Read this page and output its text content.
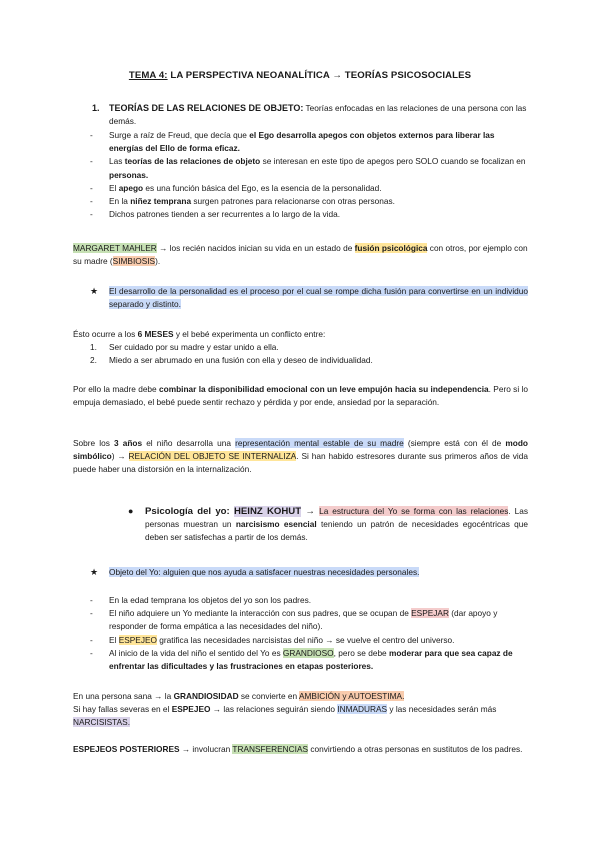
TEMA 4: LA PERSPECTIVA NEOANALÍTICA → TEORÍAS PSICOSOCIALES
1. TEORÍAS DE LAS RELACIONES DE OBJETO: Teorías enfocadas en las relaciones de una persona con las demás.
- Surge a raíz de Freud, que decía que el Ego desarrolla apegos con objetos externos para liberar las energías del Ello de forma eficaz.
- Las teorías de las relaciones de objeto se interesan en este tipo de apegos pero SOLO cuando se focalizan en personas.
- El apego es una función básica del Ego, es la esencia de la personalidad.
- En la niñez temprana surgen patrones para relacionarse con otras personas.
- Dichos patrones tienden a ser recurrentes a lo largo de la vida.
MARGARET MAHLER → los recién nacidos inician su vida en un estado de fusión psicológica con otros, por ejemplo con su madre (SIMBIOSIS).
★ El desarrollo de la personalidad es el proceso por el cual se rompe dicha fusión para convertirse en un individuo separado y distinto.
Ésto ocurre a los 6 MESES y el bebé experimenta un conflicto entre:
1. Ser cuidado por su madre y estar unido a ella.
2. Miedo a ser abrumado en una fusión con ella y deseo de individualidad.
Por ello la madre debe combinar la disponibilidad emocional con un leve empujón hacia su independencia. Pero si lo empuja demasiado, el bebé puede sentir rechazo y pérdida y por ende, ansiedad por la separación.
Sobre los 3 años el niño desarrolla una representación mental estable de su madre (siempre está con él de modo simbólico) → RELACIÓN DEL OBJETO SE INTERNALIZA. Si han habido estresores durante sus primeros años de vida puede haber una distorsión en la internalización.
● Psicología del yo: HEINZ KOHUT → La estructura del Yo se forma con las relaciones. Las personas muestran un narcisismo esencial teniendo un patrón de necesidades egocéntricas que deben ser satisfechas a partir de los demás.
★ Objeto del Yo: alguien que nos ayuda a satisfacer nuestras necesidades personales.
- En la edad temprana los objetos del yo son los padres.
- El niño adquiere un Yo mediante la interacción con sus padres, que se ocupan de ESPEJAR (dar apoyo y responder de forma empática a las necesidades del niño).
- El ESPEJEO gratifica las necesidades narcisistas del niño → se vuelve el centro del universo.
- Al inicio de la vida del niño el sentido del Yo es GRANDIOSO, pero se debe moderar para que sea capaz de enfrentar las dificultades y las frustraciones en etapas posteriores.
En una persona sana → la GRANDIOSIDAD se convierte en AMBICIÓN y AUTOESTIMA.
Si hay fallas severas en el ESPEJEO → las relaciones seguirán siendo INMADURAS y las necesidades serán más NARCISISTAS.
ESPEJEOS POSTERIORES → involucran TRANSFERENCIAS convirtiendo a otras personas en sustitutos de los padres.
